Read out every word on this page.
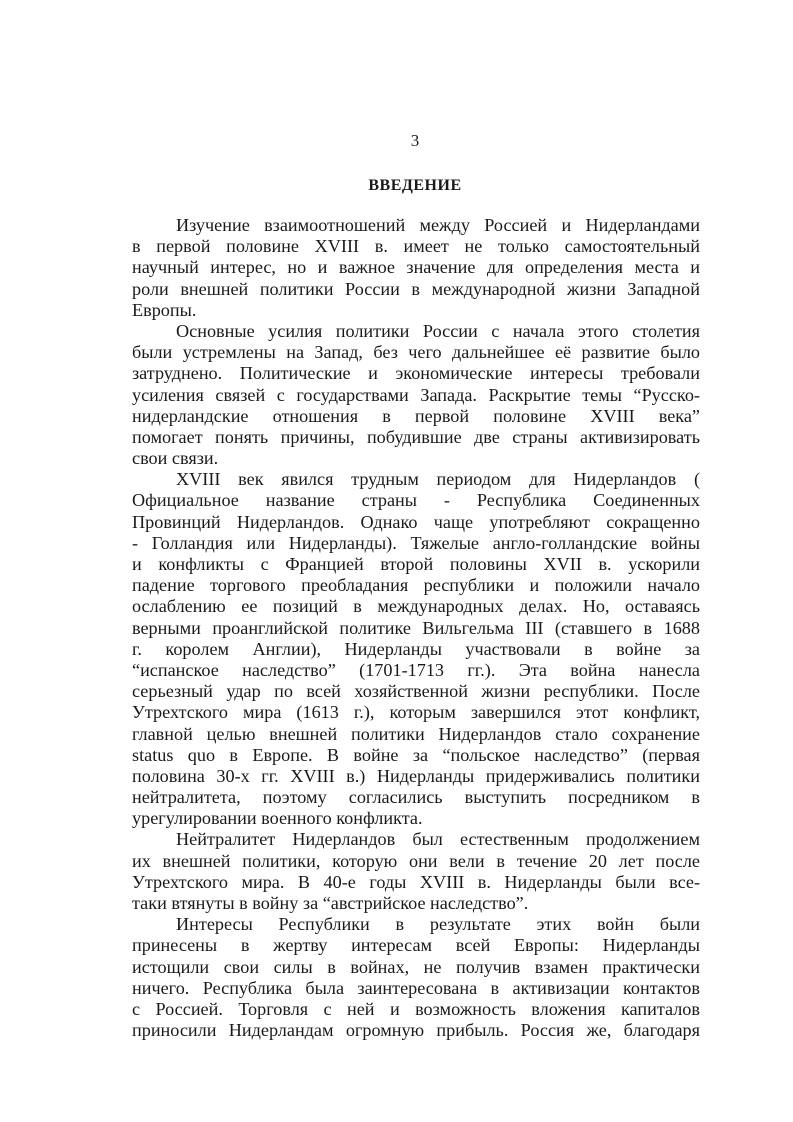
3
ВВЕДЕНИЕ
Изучение взаимоотношений между Россией и Нидерландами
в первой половине XVIII в. имеет не только самостоятельный
научный интерес, но и важное значение для определения места и
роли внешней политики России в международной жизни Западной
Европы.
Основные усилия политики России с начала этого столетия
были устремлены на Запад, без чего дальнейшее её развитие было
затруднено. Политические и экономические интересы требовали
усиления связей с государствами Запада. Раскрытие темы “Русско-
нидерландские отношения в первой половине XVIII века”
помогает понять причины, побудившие две страны активизировать
свои связи.
XVIII век явился трудным периодом для Нидерландов (
Официальное название страны - Республика Соединенных
Провинций Нидерландов. Однако чаще употребляют сокращенно
- Голландия или Нидерланды). Тяжелые англо-голландские войны
и конфликты с Францией второй половины XVII в. ускорили
падение торгового преобладания республики и положили начало
ослаблению ее позиций в международных делах. Но, оставаясь
верными проанглийской политике Вильгельма III (ставшего в 1688
г. королем Англии), Нидерланды участвовали в войне за
“испанское наследство” (1701-1713 гг.). Эта война нанесла
серьезный удар по всей хозяйственной жизни республики. После
Утрехтского мира (1613 г.), которым завершился этот конфликт,
главной целью внешней политики Нидерландов стало сохранение
status quo в Европе. В войне за “польское наследство” (первая
половина 30-х гг. XVIII в.) Нидерланды придерживались политики
нейтралитета, поэтому согласились выступить посредником в
урегулировании военного конфликта.
Нейтралитет Нидерландов был естественным продолжением
их внешней политики, которую они вели в течение 20 лет после
Утрехтского мира. В 40-е годы XVIII в. Нидерланды были все-
таки втянуты в войну за “австрийское наследство”.
Интересы Республики в результате этих войн были
принесены в жертву интересам всей Европы: Нидерланды
истощили свои силы в войнах, не получив взамен практически
ничего. Республика была заинтересована в активизации контактов
с Россией. Торговля с ней и возможность вложения капиталов
приносили Нидерландам огромную прибыль. Россия же, благодаря
